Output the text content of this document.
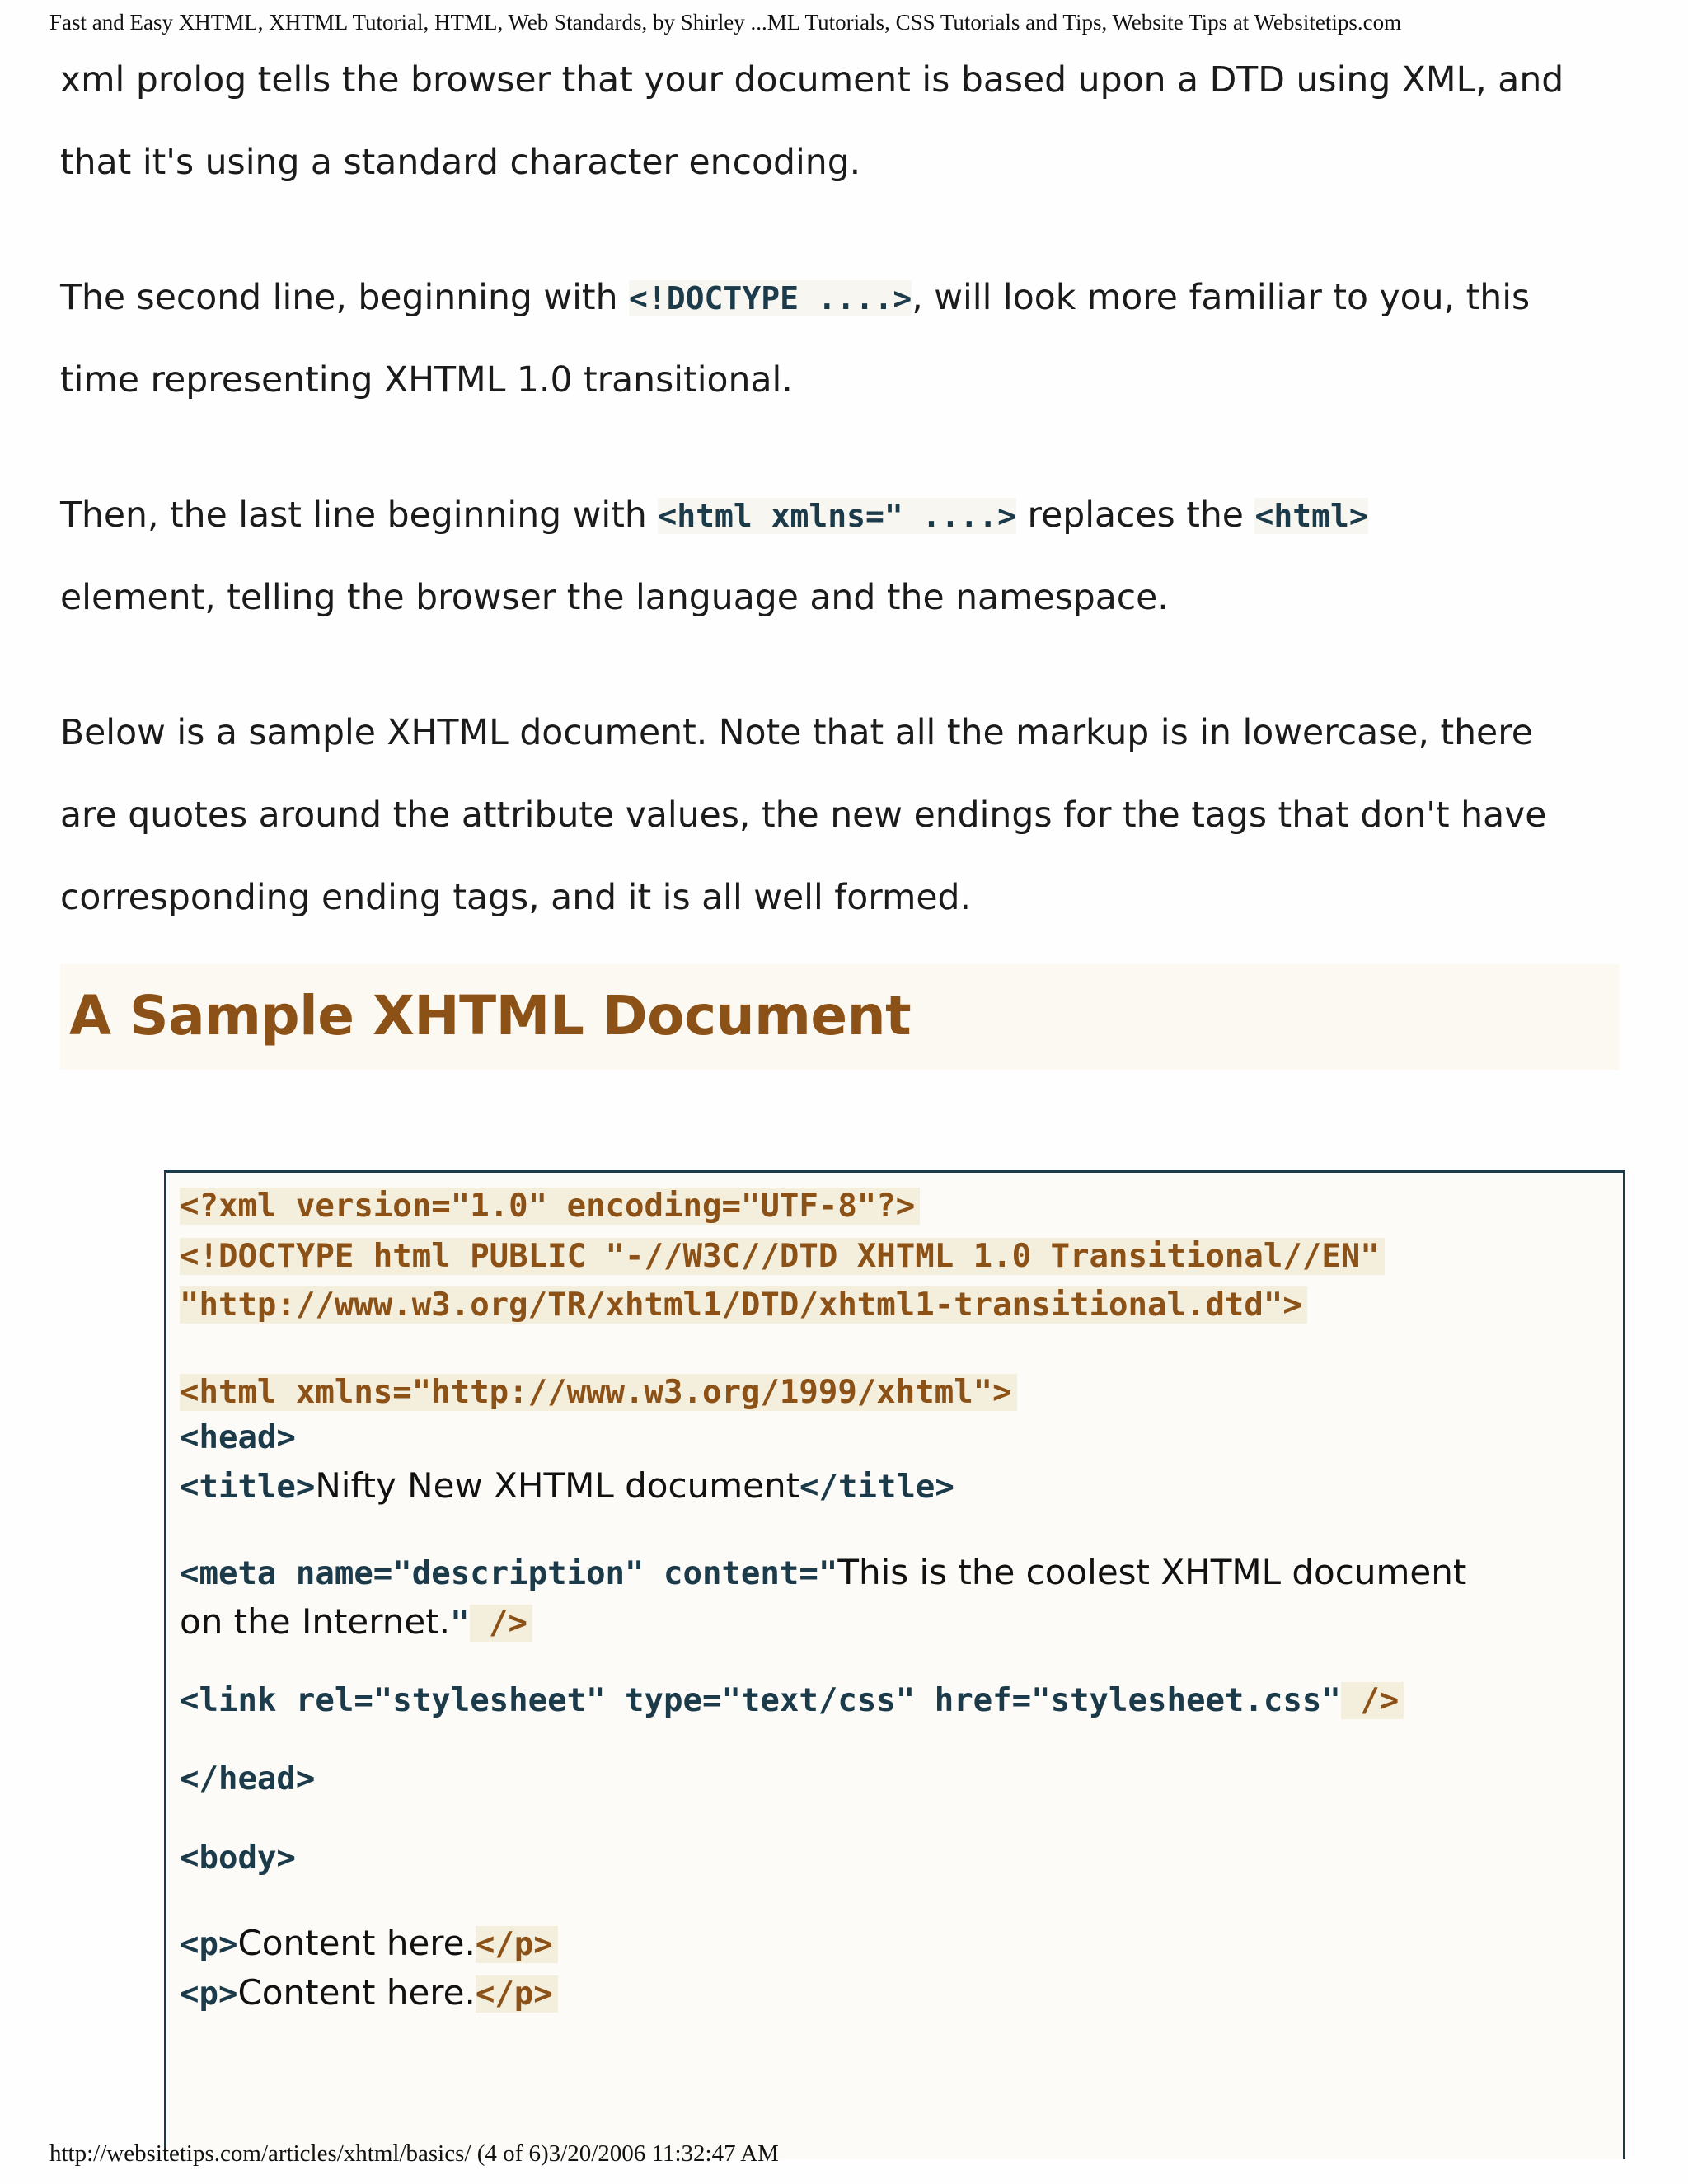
Fast and Easy XHTML, XHTML Tutorial, HTML, Web Standards, by Shirley ...ML Tutorials, CSS Tutorials and Tips, Website Tips at Websitetips.com
xml prolog tells the browser that your document is based upon a DTD using XML, and
that it's using a standard character encoding.
The second line, beginning with <!DOCTYPE ....>, will look more familiar to you, this
time representing XHTML 1.0 transitional.
Then, the last line beginning with <html xmlns=" ....> replaces the <html>
element, telling the browser the language and the namespace.
Below is a sample XHTML document. Note that all the markup is in lowercase, there
are quotes around the attribute values, the new endings for the tags that don't have
corresponding ending tags, and it is all well formed.
A Sample XHTML Document
<?xml version="1.0" encoding="UTF-8"?>
<!DOCTYPE html PUBLIC "-//W3C//DTD XHTML 1.0 Transitional//EN"
"http://www.w3.org/TR/xhtml1/DTD/xhtml1-transitional.dtd">
<html xmlns="http://www.w3.org/1999/xhtml">
<head>
<title>Nifty New XHTML document</title>
<meta name="description" content="This is the coolest XHTML document
on the Internet." />
<link rel="stylesheet" type="text/css" href="stylesheet.css" />
</head>
<body>
<p>Content here.</p>
<p>Content here.</p>
http://websitetips.com/articles/xhtml/basics/ (4 of 6)3/20/2006 11:32:47 AM
